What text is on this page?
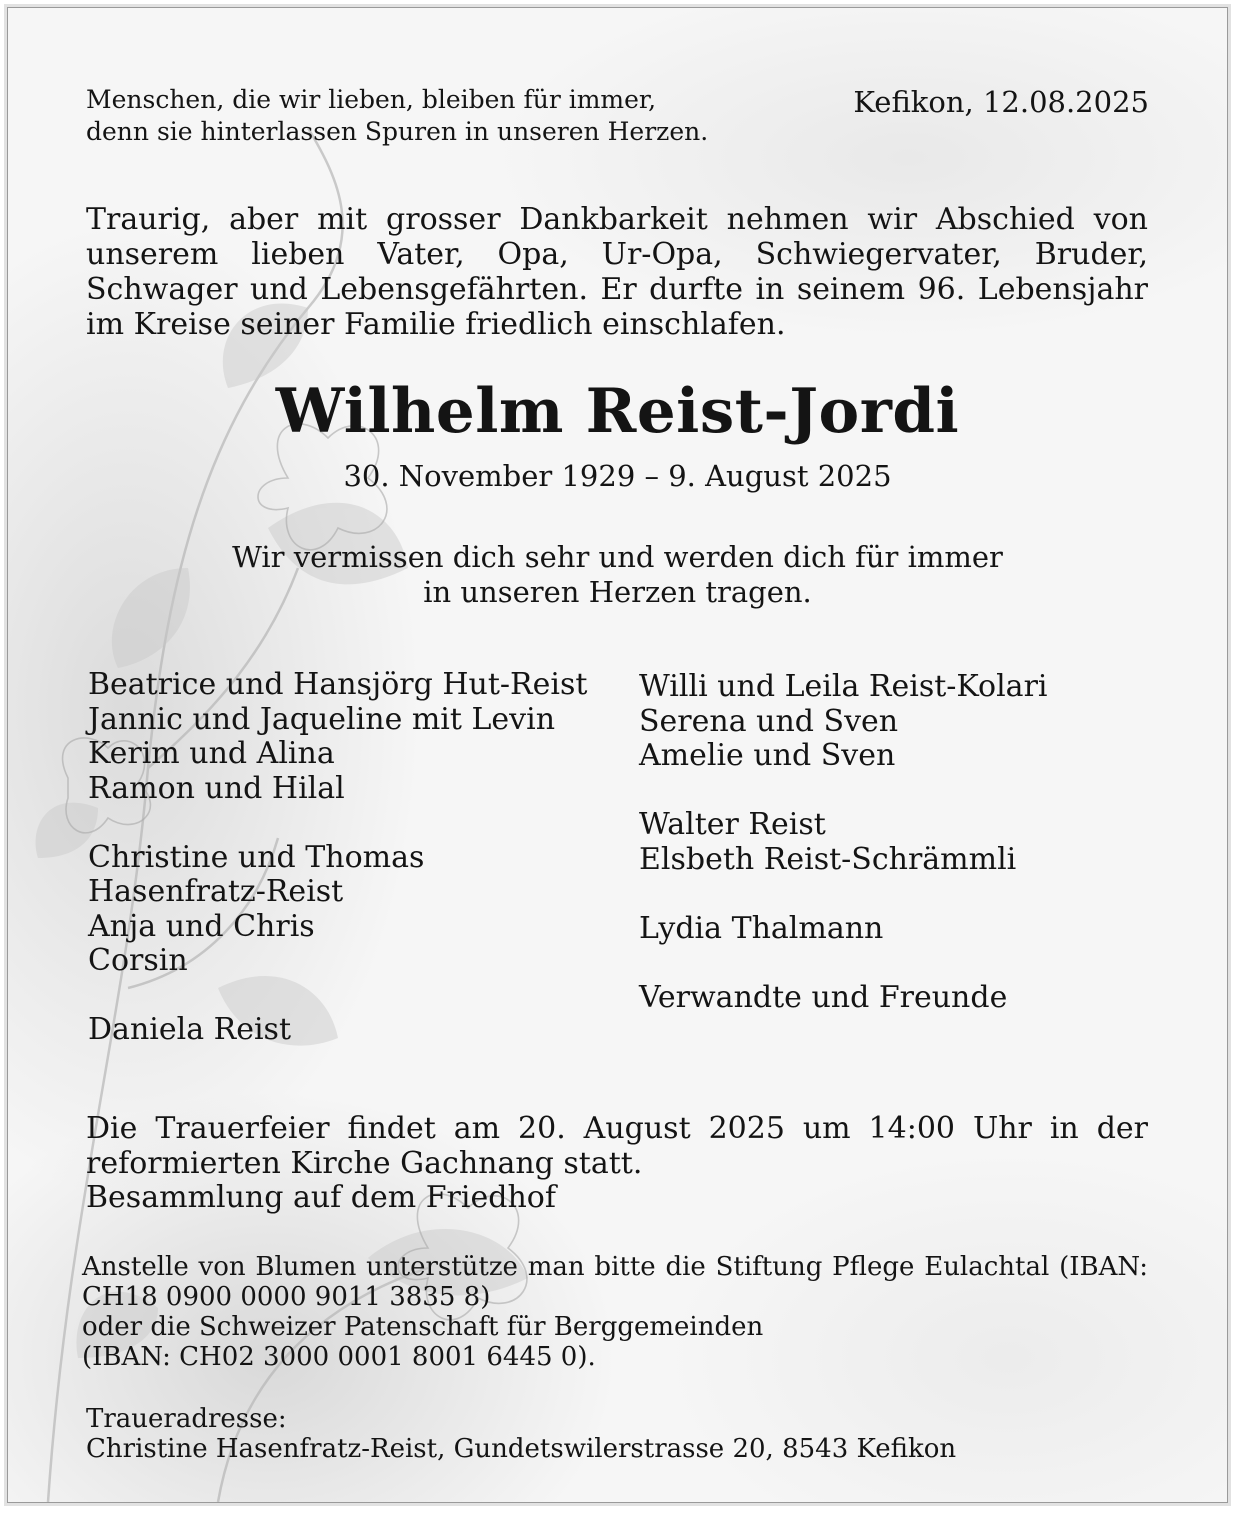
Menschen, die wir lieben, bleiben für immer,
denn sie hinterlassen Spuren in unseren Herzen.
Kefikon, 12.08.2025
Traurig, aber mit grosser Dankbarkeit nehmen wir Abschied von unserem lieben Vater, Opa, Ur-Opa, Schwiegervater, Bruder, Schwager und Lebensgefährten. Er durfte in seinem 96. Lebensjahr im Kreise seiner Familie friedlich einschlafen.
Wilhelm Reist-Jordi
30. November 1929 – 9. August 2025
Wir vermissen dich sehr und werden dich für immer
in unseren Herzen tragen.
Beatrice und Hansjörg Hut-Reist
Jannic und Jaqueline mit Levin
Kerim und Alina
Ramon und Hilal
Christine und Thomas
Hasenfratz-Reist
Anja und Chris
Corsin
Daniela Reist
Willi und Leila Reist-Kolari
Serena und Sven
Amelie und Sven
Walter Reist
Elsbeth Reist-Schrämmli
Lydia Thalmann
Verwandte und Freunde
Die Trauerfeier findet am 20. August 2025 um 14:00 Uhr in der reformierten Kirche Gachnang statt.
Besammlung auf dem Friedhof
Anstelle von Blumen unterstütze man bitte die Stiftung Pflege Eulachtal (IBAN: CH18 0900 0000 9011 3835 8)
oder die Schweizer Patenschaft für Berggemeinden
(IBAN: CH02 3000 0001 8001 6445 0).
Traueradresse:
Christine Hasenfratz-Reist, Gundetswilerstrasse 20, 8543 Kefikon
